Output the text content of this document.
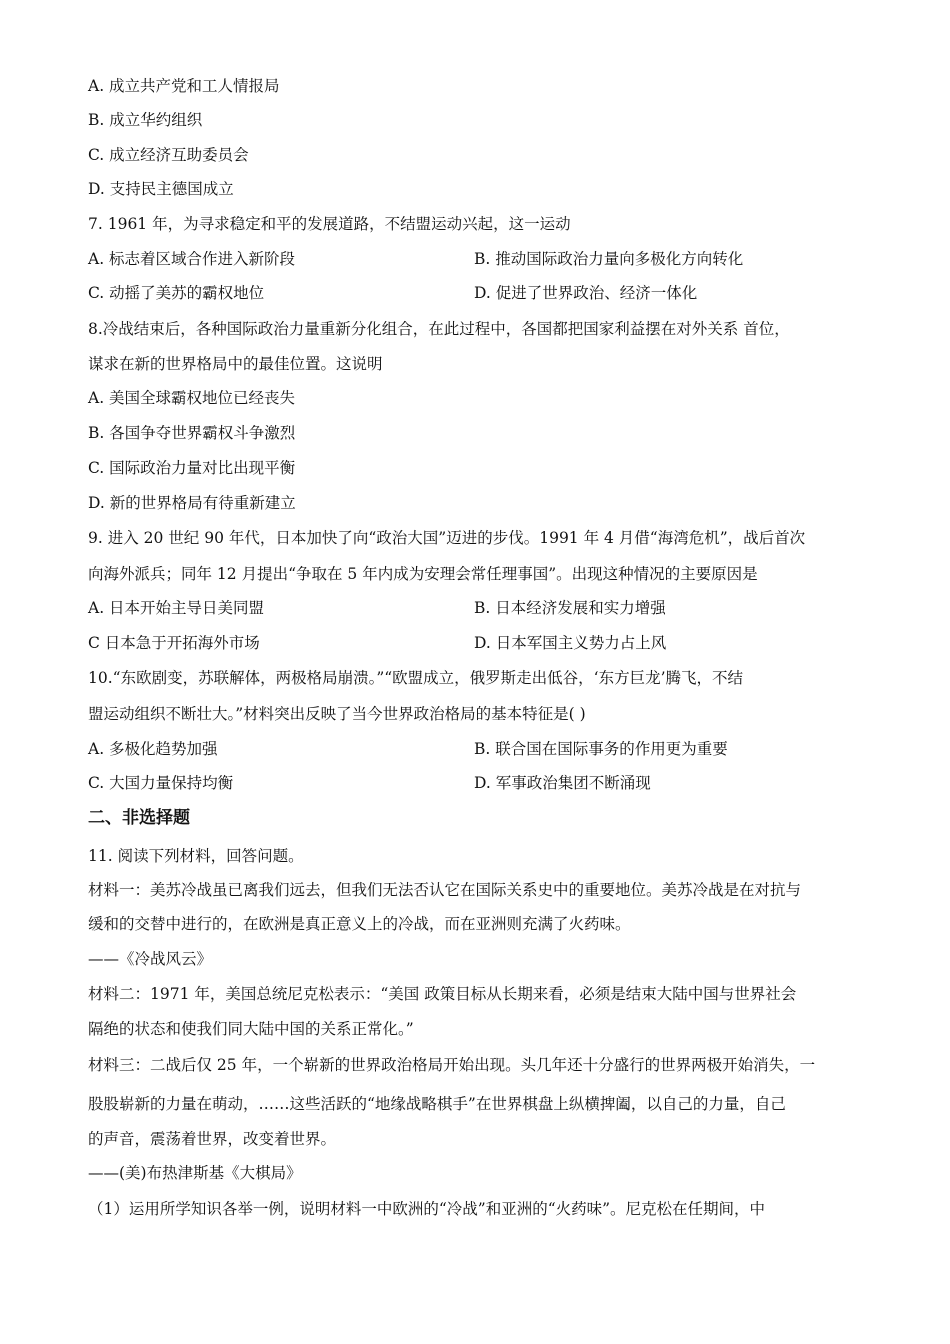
A. 成立共产党和工人情报局
B. 成立华约组织
C. 成立经济互助委员会
D. 支持民主德国成立
7. 1961 年，为寻求稳定和平的发展道路，不结盟运动兴起，这一运动
A. 标志着区域合作进入新阶段	B. 推动国际政治力量向多极化方向转化
C. 动摇了美苏的霸权地位	D. 促进了世界政治、经济一体化
8.冷战结束后，各种国际政治力量重新分化组合，在此过程中，各国都把国家利益摆在对外关系 首位，
谋求在新的世界格局中的最佳位置。这说明
A. 美国全球霸权地位已经丧失
B. 各国争夺世界霸权斗争激烈
C. 国际政治力量对比出现平衡
D. 新的世界格局有待重新建立
9. 进入 20 世纪 90 年代，日本加快了向“政治大国”迈进的步伐。1991 年 4 月借“海湾危机”，战后首次
向海外派兵；同年 12 月提出“争取在 5 年内成为安理会常任理事国”。出现这种情况的主要原因是
A. 日本开始主导日美同盟	B. 日本经济发展和实力增强
C 日本急于开拓海外市场	D. 日本军国主义势力占上风
10.“东欧剧变，苏联解体，两极格局崩溃。”“欧盟成立，俄罗斯走出低谷，‘东方巨龙’腾飞，不结
盟运动组织不断壮大。”材料突出反映了当今世界政治格局的基本特征是( )
A. 多极化趋势加强	B. 联合国在国际事务的作用更为重要
C. 大国力量保持均衡	D. 军事政治集团不断涌现
二、非选择题
11. 阅读下列材料，回答问题。
材料一：美苏冷战虽已离我们远去，但我们无法否认它在国际关系史中的重要地位。美苏冷战是在对抗与
缓和的交替中进行的，在欧洲是真正意义上的冷战，而在亚洲则充满了火药味。
——《冷战风云》
材料二：1971 年，美国总统尼克松表示：“美国 政策目标从长期来看，必须是结束大陆中国与世界社会
隔绝的状态和使我们同大陆中国的关系正常化。”
材料三：二战后仅 25 年，一个崭新的世界政治格局开始出现。头几年还十分盛行的世界两极开始消失，一
股股崭新的力量在萌动，……这些活跃的“地缘战略棋手”在世界棋盘上纵横捭阖，以自己的力量，自己
的声音，震荡着世界，改变着世界。
——(美)布热津斯基《大棋局》
（1）运用所学知识各举一例，说明材料一中欧洲的“冷战”和亚洲的“火药味”。尼克松在任期间，中
